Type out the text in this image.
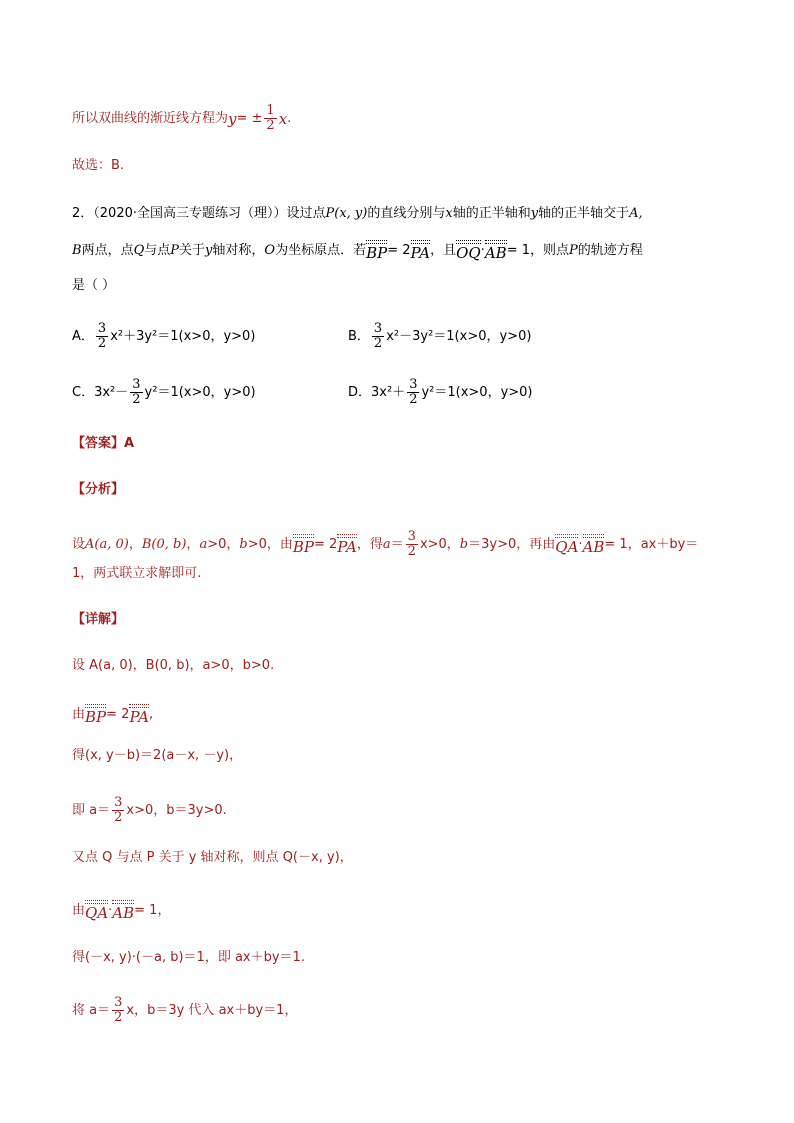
所以双曲线的渐近线方程为 y = ± $\frac{1}{2}$ x .
故选：B.
2．（2020·全国高三专题练习（理））设过点 P (x, y) 的直线分别与 x 轴的正半轴和 y 轴的正半轴交于 A,
B 两点，点 Q 与点 P 关于 y 轴对称， O 为坐标原点．若 BP = 2 PA ，且 OQ · AB = 1，则点 P 的轨迹方程
是（ ）
A． $\frac{3}{2} x^2+3y^2=1(x>0$，y>0)	B． $\frac{3}{2} x^2-3y^2=1(x>0$，y>0)
C．$3x^2- \frac{3}{2} y^2=1(x>0$，y>0)	D．$3x^2+ \frac{3}{2} y^2=1(x>0$，y>0)
【答案】A
【分析】
设 A(a, 0) ， B(0, b) ， a >0， b >0，由 BP = 2 PA ，得 $a = \frac{3}{2} x>0$， b ＝3y>0，再由 QA · AB = 1， ax＋by＝
1，两式联立求解即可.
【详解】
设 A(a, 0)，B(0, b)，a>0，b>0.
由 BP = 2 PA ,
得(x, y－b)＝2(a－x, －y)，
即 $a= \frac{3}{2} x>0$，b＝3y>0.
又点 Q 与点 P 关于 y 轴对称，则点 Q(－x, y)，
由 QA · AB = 1，
得(－x, y)·(－a, b)＝1，即 ax＋by＝1.
将 $a= \frac{3}{2}$ x，b＝3y 代入 ax＋by＝1，
